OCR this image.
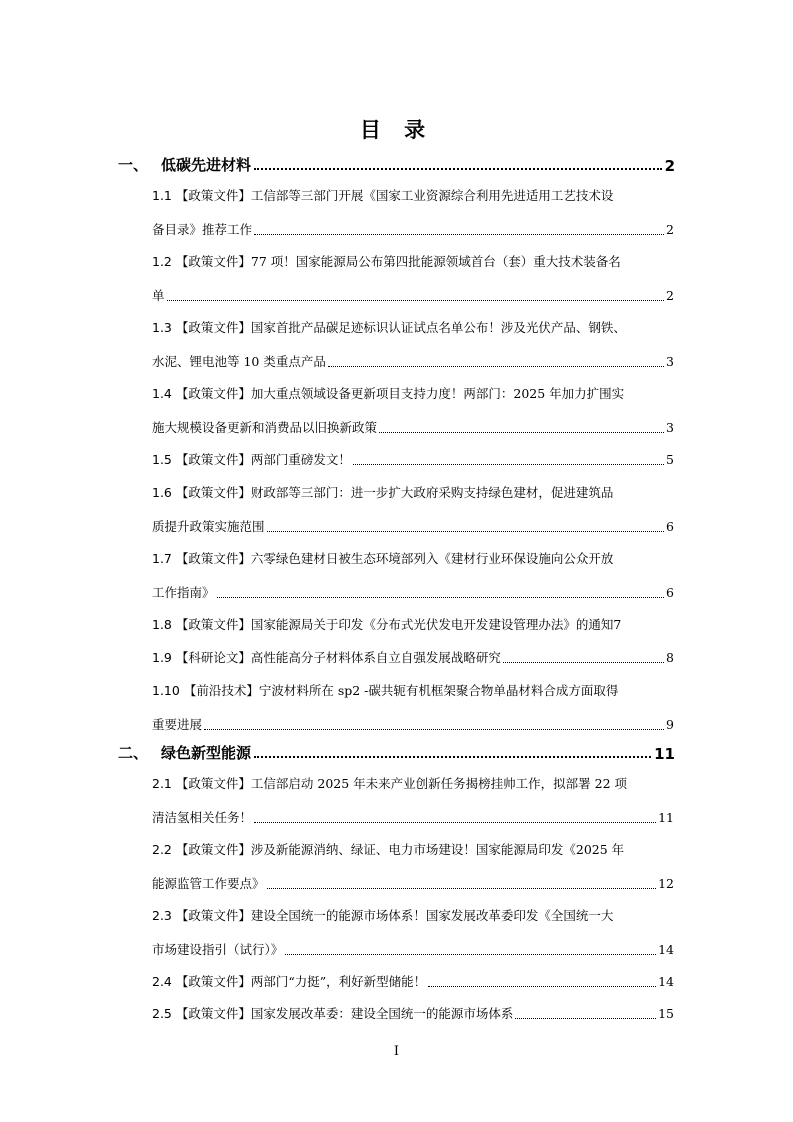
目 录
一、 低碳先进材料	2
1.1 【政策文件】工信部等三部门开展《国家工业资源综合利用先进适用工艺技术设
备目录》推荐工作	2
1.2 【政策文件】77 项！国家能源局公布第四批能源领域首台（套）重大技术装备名
单	2
1.3 【政策文件】国家首批产品碳足迹标识认证试点名单公布！涉及光伏产品、钢铁、
水泥、锂电池等 10 类重点产品	3
1.4 【政策文件】加大重点领域设备更新项目支持力度！两部门：2025 年加力扩围实
施大规模设备更新和消费品以旧换新政策	3
1.5 【政策文件】两部门重磅发文！	5
1.6 【政策文件】财政部等三部门：进一步扩大政府采购支持绿色建材，促进建筑品
质提升政策实施范围	6
1.7 【政策文件】六零绿色建材日被生态环境部列入《建材行业环保设施向公众开放
工作指南》	6
1.8 【政策文件】国家能源局关于印发《分布式光伏发电开发建设管理办法》的通知 7
1.9 【科研论文】高性能高分子材料体系自立自强发展战略研究	8
1.10 【前沿技术】宁波材料所在 sp2 -碳共轭有机框架聚合物单晶材料合成方面取得
重要进展	9
二、 绿色新型能源	11
2.1 【政策文件】工信部启动 2025 年未来产业创新任务揭榜挂帅工作，拟部署 22 项
清洁氢相关任务！	11
2.2 【政策文件】涉及新能源消纳、绿证、电力市场建设！国家能源局印发《2025 年
能源监管工作要点》	12
2.3 【政策文件】建设全国统一的能源市场体系！国家发展改革委印发《全国统一大
市场建设指引（试行）》	14
2.4 【政策文件】两部门“力挺”，利好新型储能！	14
2.5 【政策文件】国家发展改革委：建设全国统一的能源市场体系	15
I
